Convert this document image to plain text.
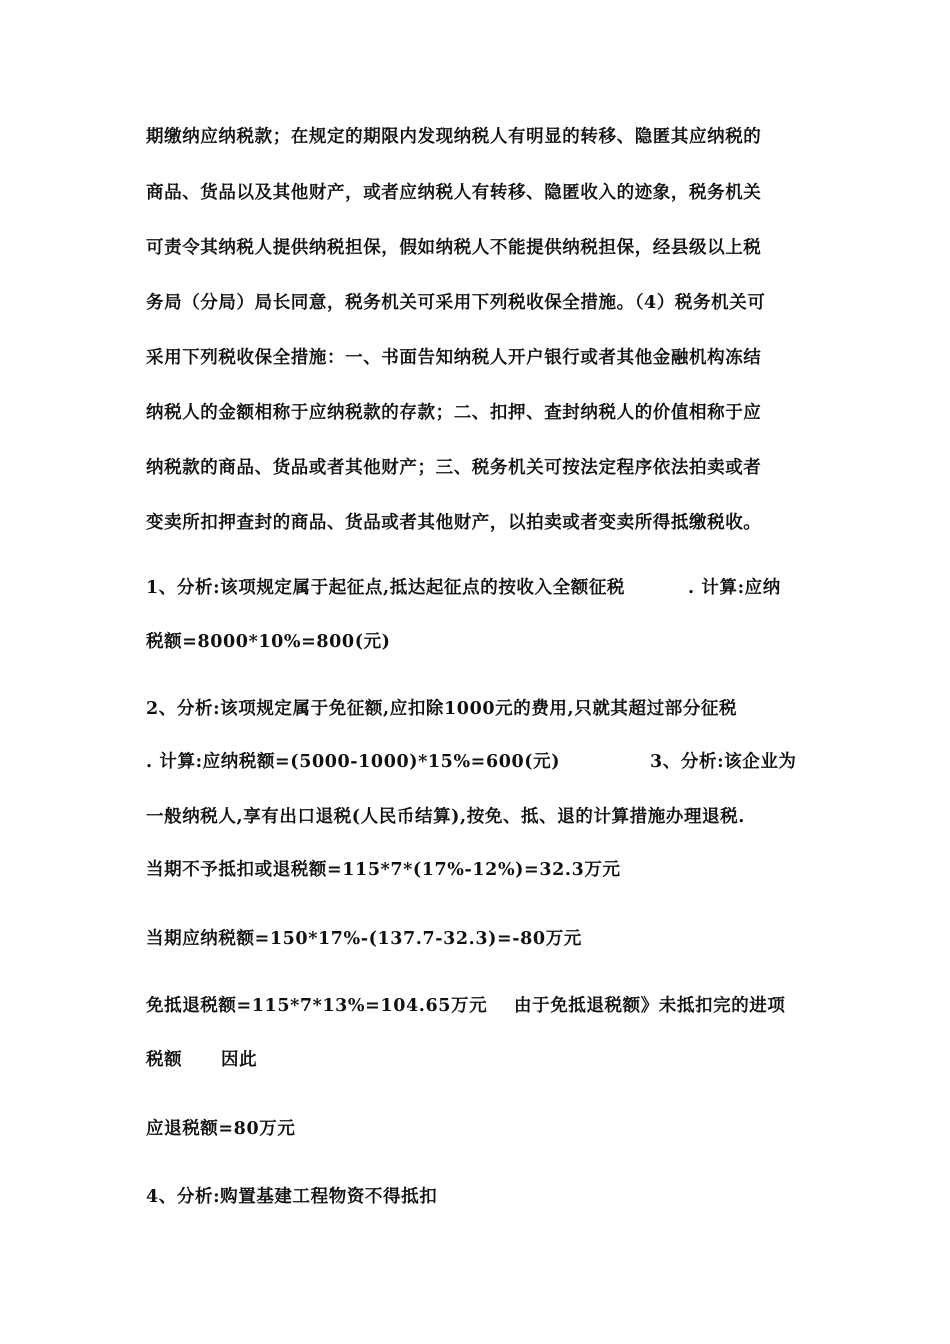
期缴纳应纳税款；在规定的期限内发现纳税人有明显的转移、隐匿其应纳税的
商品、货品以及其他财产，或者应纳税人有转移、隐匿收入的迹象，税务机关
可责令其纳税人提供纳税担保，假如纳税人不能提供纳税担保，经县级以上税
务局（分局）局长同意，税务机关可采用下列税收保全措施。（4）税务机关可
采用下列税收保全措施：一、书面告知纳税人开户银行或者其他金融机构冻结
纳税人的金额相称于应纳税款的存款；二、扣押、查封纳税人的价值相称于应
纳税款的商品、货品或者其他财产；三、税务机关可按法定程序依法拍卖或者
变卖所扣押查封的商品、货品或者其他财产，以拍卖或者变卖所得抵缴税收。
1、分析:该项规定属于起征点,抵达起征点的按收入全额征税	. 计算:应纳
税额=8000*10%=800(元)
2、分析:该项规定属于免征额,应扣除1000元的费用,只就其超过部分征税
. 计算:应纳税额=(5000-1000)*15%=600(元)	3、分析:该企业为
一般纳税人,享有出口退税(人民币结算),按免、抵、退的计算措施办理退税.
当期不予抵扣或退税额=115*7*(17%-12%)=32.3万元
当期应纳税额=150*17%-(137.7-32.3)=-80万元
免抵退税额=115*7*13%=104.65万元 由于免抵退税额》未抵扣完的进项
税额 因此
应退税额=80万元
4、分析:购置基建工程物资不得抵扣
